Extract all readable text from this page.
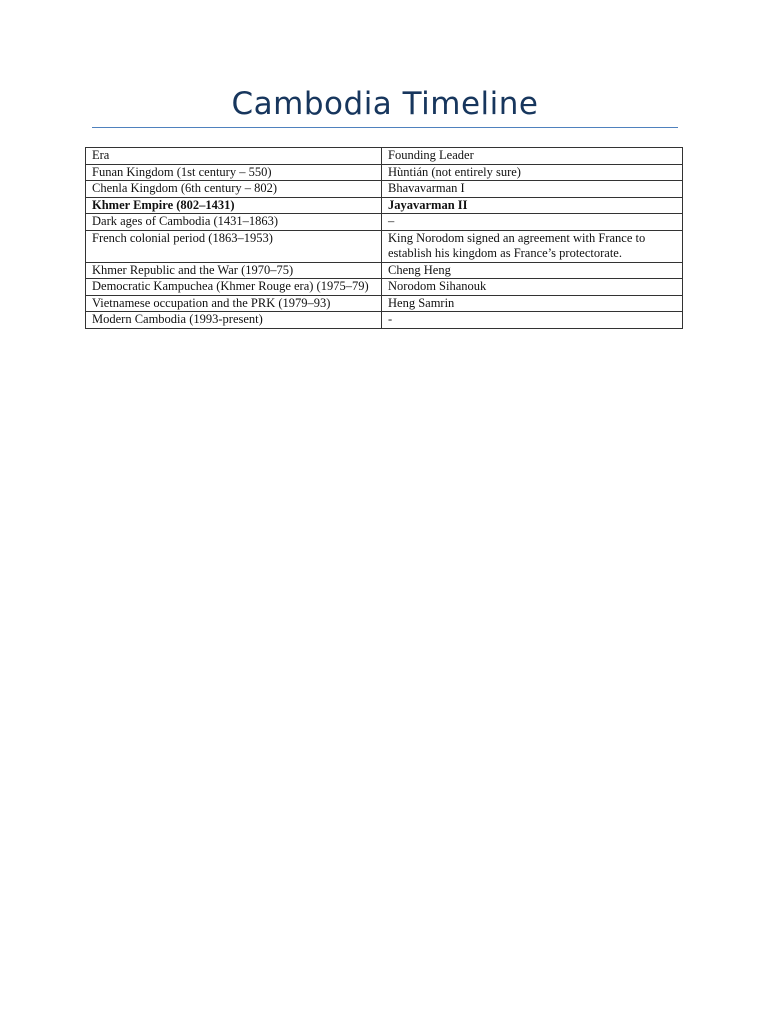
Cambodia Timeline
Era	Founding Leader
Funan Kingdom (1st century – 550)	Hùntián (not entirely sure)
Chenla Kingdom (6th century – 802)	Bhavavarman I
Khmer Empire (802–1431)	Jayavarman II
Dark ages of Cambodia (1431–1863)	–
French colonial period (1863–1953)	King Norodom signed an agreement with France to establish his kingdom as France’s protectorate.
Khmer Republic and the War (1970–75)	Cheng Heng
Democratic Kampuchea (Khmer Rouge era) (1975–79)	Norodom Sihanouk
Vietnamese occupation and the PRK (1979–93)	Heng Samrin
Modern Cambodia (1993-present)	-
